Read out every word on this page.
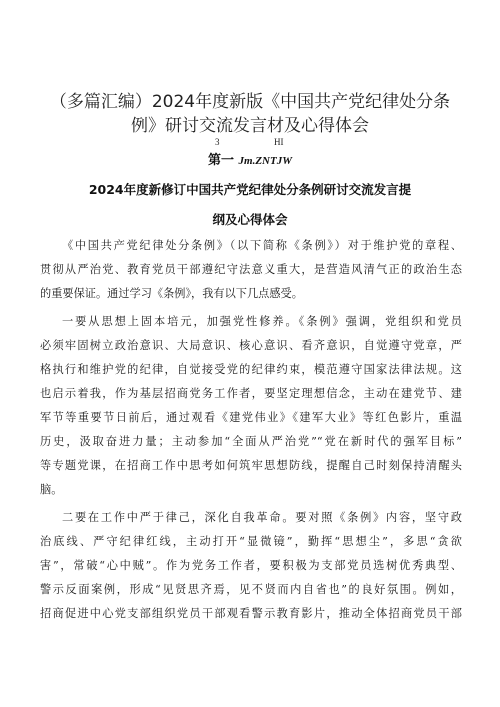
（多篇汇编）2024年度新版《中国共产党纪律处分条
例》研讨交流发言材及心得体会
3	HI
第一 Jm.ZNTJW
2024年度新修订中国共产党纪律处分条例研讨交流发言提
纲及心得体会
《中国共产党纪律处分条例》（以下简称《条例》）对于维护党的章程、
贯彻从严治党、教育党员干部遵纪守法意义重大，是营造风清气正的政治生态
的重要保证。通过学习《条例》，我有以下几点感受。
一要从思想上固本培元，加强党性修养。《条例》强调，党组织和党员
必须牢固树立政治意识、大局意识、核心意识、看齐意识，自觉遵守党章，严
格执行和维护党的纪律，自觉接受党的纪律约束，模范遵守国家法律法规。这
也启示着我，作为基层招商党务工作者，要坚定理想信念，主动在建党节、建
军节等重要节日前后，通过观看《建党伟业》《建军大业》等红色影片，重温
历史，汲取奋进力量；主动参加“全面从严治党”“党在新时代的强军目标”
等专题党课，在招商工作中思考如何筑牢思想防线，提醒自己时刻保持清醒头
脑。
二要在工作中严于律己，深化自我革命。要对照《条例》内容，坚守政
治底线、严守纪律红线，主动打开“显微镜”，勤挥“思想尘”，多思“贪欲
害”，常破“心中贼”。作为党务工作者，要积极为支部党员选树优秀典型、
警示反面案例，形成“见贤思齐焉，见不贤而内自省也”的良好氛围。例如，
招商促进中心党支部组织党员干部观看警示教育影片，推动全体招商党员干部
